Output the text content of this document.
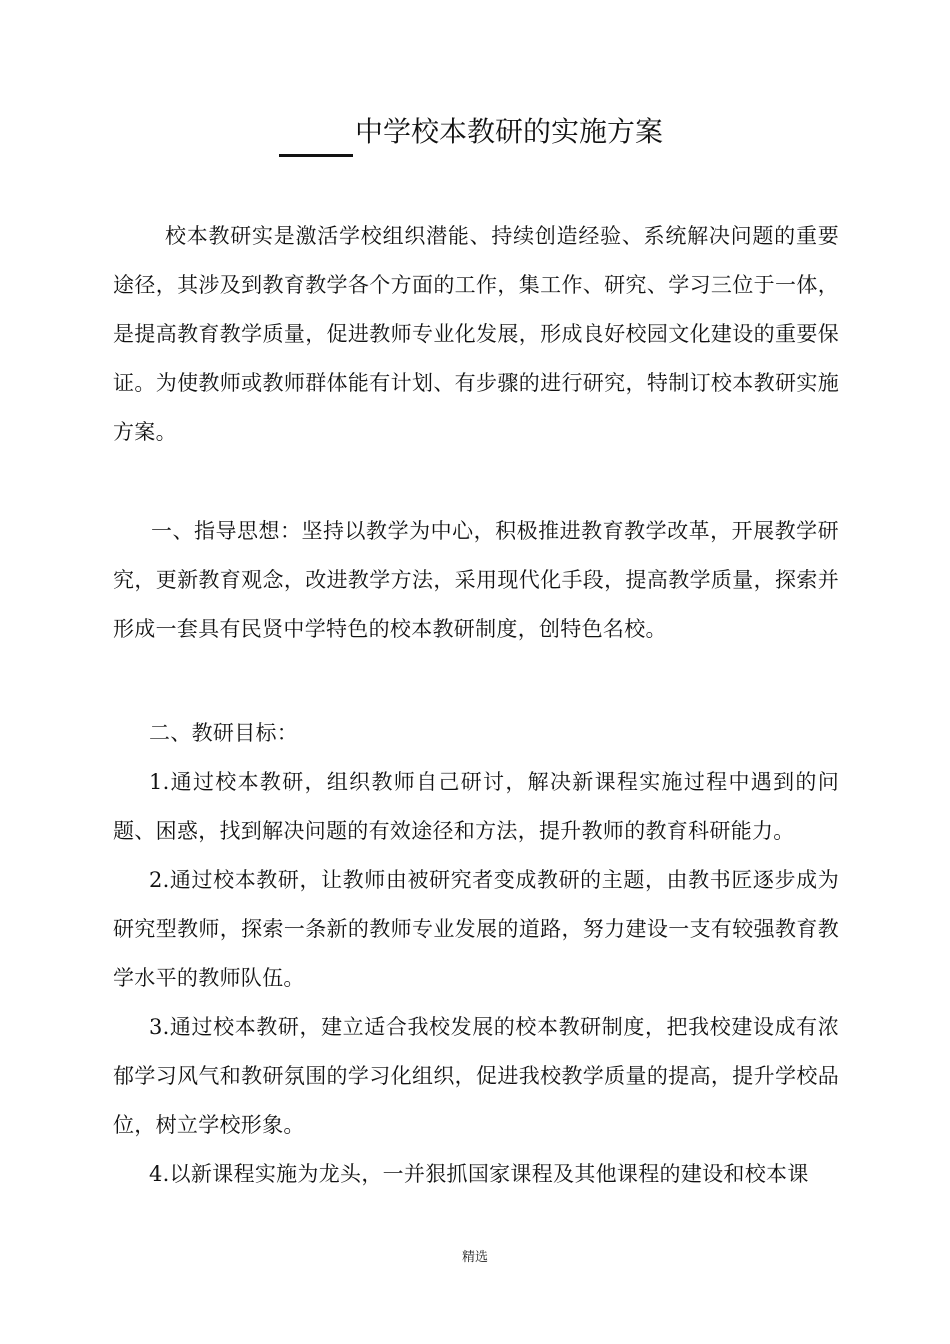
中学校本教研的实施方案

校本教研实是激活学校组织潜能、持续创造经验、系统解决问题的重要途径，其涉及到教育教学各个方面的工作，集工作、研究、学习三位于一体，是提高教育教学质量，促进教师专业化发展，形成良好校园文化建设的重要保证。为使教师或教师群体能有计划、有步骤的进行研究，特制订校本教研实施方案。

一、指导思想：坚持以教学为中心，积极推进教育教学改革，开展教学研究，更新教育观念，改进教学方法，采用现代化手段，提高教学质量，探索并形成一套具有民贤中学特色的校本教研制度，创特色名校。

二、教研目标：

1.通过校本教研，组织教师自己研讨，解决新课程实施过程中遇到的问题、困惑，找到解决问题的有效途径和方法，提升教师的教育科研能力。

2.通过校本教研，让教师由被研究者变成教研的主题，由教书匠逐步成为研究型教师，探索一条新的教师专业发展的道路，努力建设一支有较强教育教学水平的教师队伍。

3.通过校本教研，建立适合我校发展的校本教研制度，把我校建设成有浓郁学习风气和教研氛围的学习化组织，促进我校教学质量的提高，提升学校品位，树立学校形象。

4.以新课程实施为龙头，一并狠抓国家课程及其他课程的建设和校本课

精选
